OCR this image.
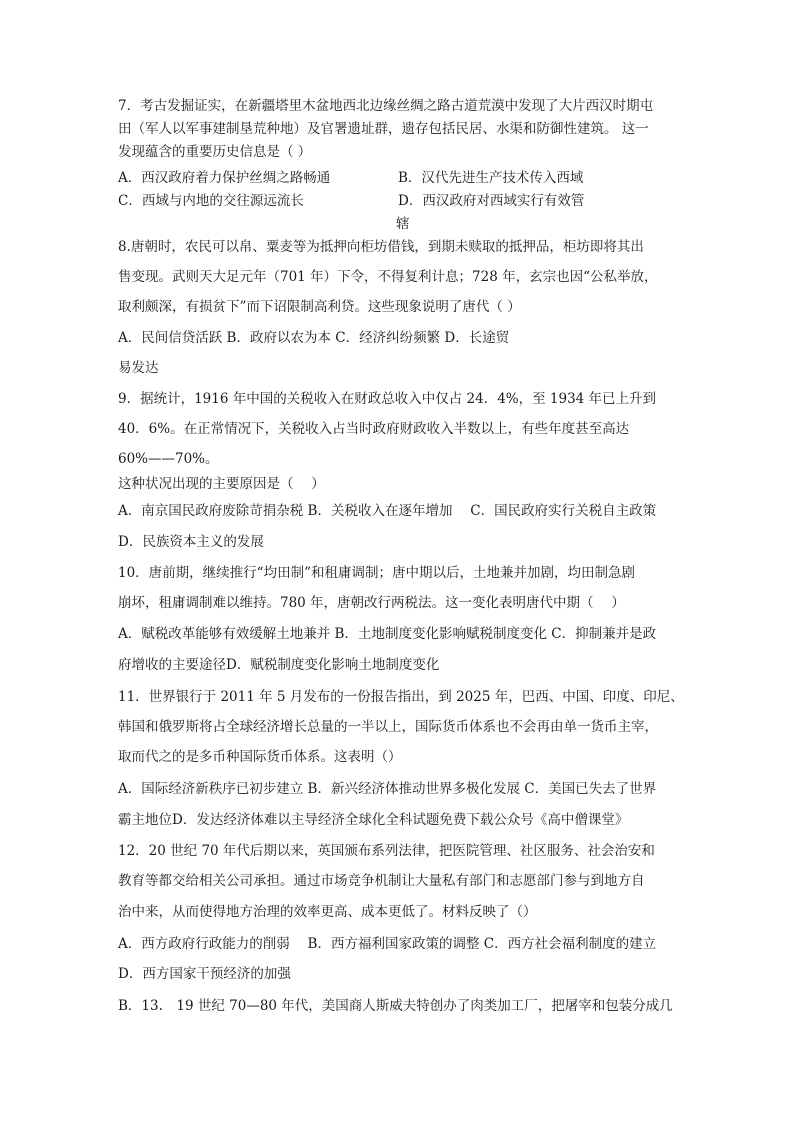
7．考古发掘证实，在新疆塔里木盆地西北边缘丝绸之路古道荒漠中发现了大片西汉时期屯
田（军人以军事建制垦荒种地）及官署遗址群，遗存包括民居、水渠和防御性建筑。 这一
发现蕴含的重要历史信息是（ ）
A．西汉政府着力保护丝绸之路畅通	B．汉代先进生产技术传入西域
C．西域与内地的交往源远流长	D．西汉政府对西域实行有效管
辖
8.唐朝时，农民可以帛、粟麦等为抵押向柜坊借钱，到期未赎取的抵押品，柜坊即将其出
售变现。武则天大足元年（701 年）下令，不得复利计息；728 年，玄宗也因“公私举放，
取利颇深，有损贫下”而下诏限制高利贷。这些现象说明了唐代（ ）
A．民间信贷活跃 B．政府以农为本 C．经济纠纷频繁 D．长途贸
易发达
9．据统计，1916 年中国的关税收入在财政总收入中仅占 24．4%，至 1934 年已上升到
40．6%。在正常情况下，关税收入占当时政府财政收入半数以上，有些年度甚至高达
60%——70%。
这种状况出现的主要原因是（　 ）
A．南京国民政府废除苛捐杂税 B．关税收入在逐年增加　 C．国民政府实行关税自主政策
D．民族资本主义的发展
10．唐前期，继续推行“均田制”和租庸调制；唐中期以后，土地兼并加剧，均田制急剧
崩坏，租庸调制难以维持。780 年，唐朝改行两税法。这一变化表明唐代中期（　 ）
A．赋税改革能够有效缓解土地兼并 B．土地制度变化影响赋税制度变化 C．抑制兼并是政
府增收的主要途径D．赋税制度变化影响土地制度变化
11．世界银行于 2011 年 5 月发布的一份报告指出，到 2025 年，巴西、中国、印度、印尼、
韩国和俄罗斯将占全球经济增长总量的一半以上，国际货币体系也不会再由单一货币主宰，
取而代之的是多币种国际货币体系。这表明（）
A．国际经济新秩序已初步建立 B．新兴经济体推动世界多极化发展 C．美国已失去了世界
霸主地位D．发达经济体难以主导经济全球化全科试题免费下载公众号《高中僧课堂》
12．20 世纪 70 年代后期以来，英国颁布系列法律，把医院管理、社区服务、社会治安和
教育等都交给相关公司承担。通过市场竞争机制让大量私有部门和志愿部门参与到地方自
治中来，从而使得地方治理的效率更高、成本更低了。材料反映了（）
A．西方政府行政能力的削弱　 B．西方福利国家政策的调整 C．西方社会福利制度的建立
D．西方国家干预经济的加强
B．13.　19 世纪 70—80 年代，美国商人斯威夫特创办了肉类加工厂，把屠宰和包装分成几
